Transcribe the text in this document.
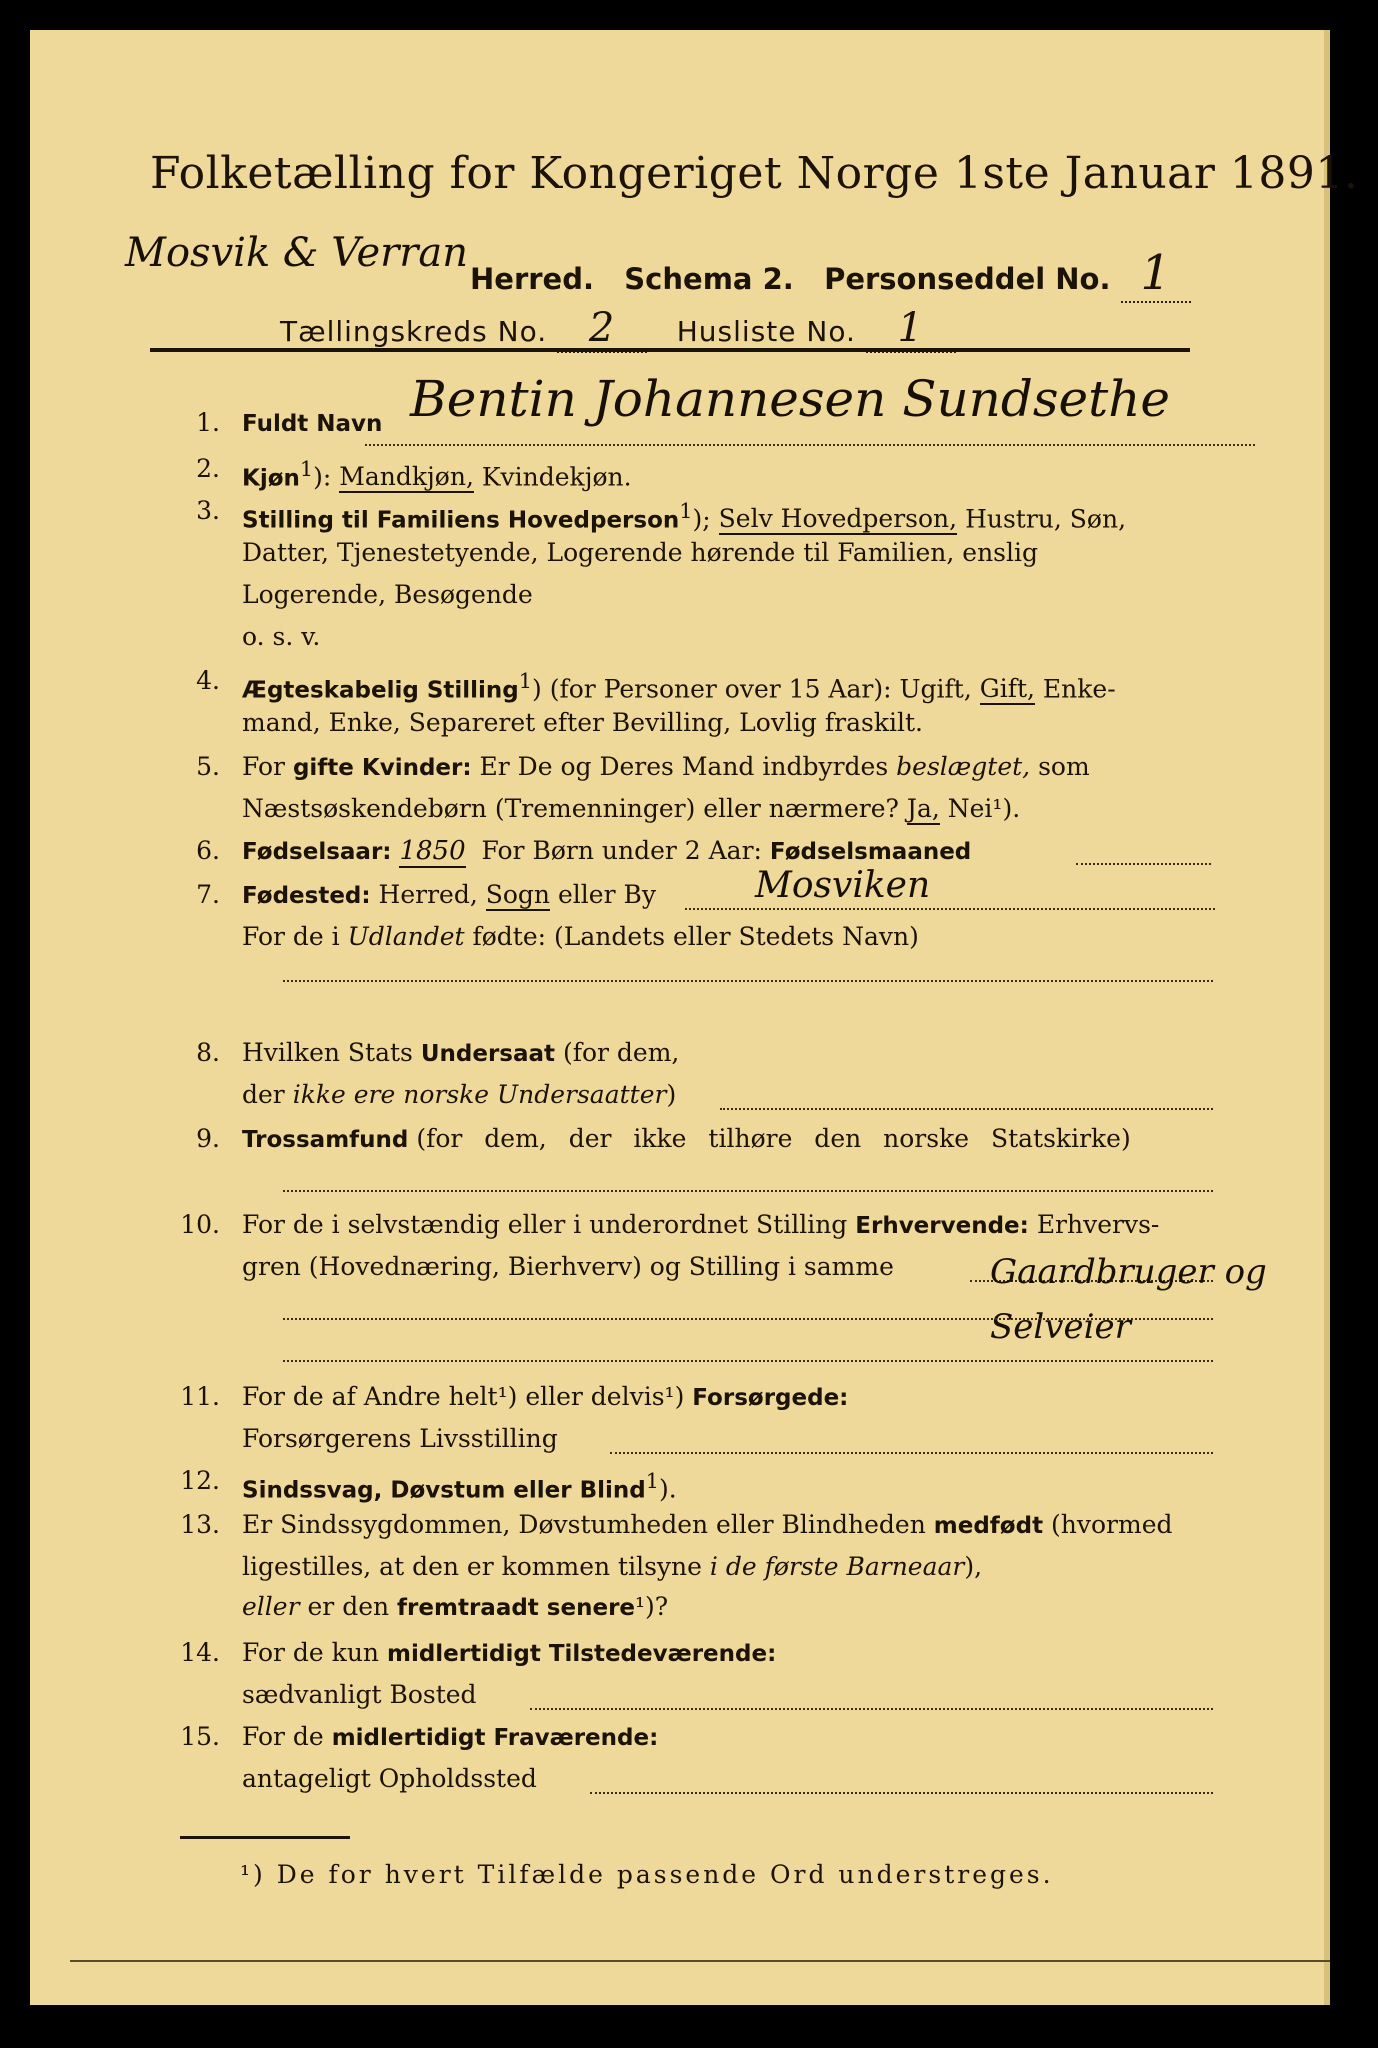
Folketælling for Kongeriget Norge 1ste Januar 1891.
Mosvik & Verran
Herred. Schema 2. Personseddel No. 1
Tællingskreds No. 2 Husliste No. 1
1. Fuldt Navn Bentin Johannesen Sundsethe
2. Kjøn$^1$): Mandkjøn, Kvindekjøn.
3. Stilling til Familiens Hovedperson$^1$); Selv Hovedperson, Hustru, Søn,
Datter, Tjenestetyende, Logerende hørende til Familien, enslig
Logerende, Besøgende
o. s. v.
4. Ægteskabelig Stilling$^1$) (for Personer over 15 Aar): Ugift, Gift, Enke-
mand, Enke, Separeret efter Bevilling, Lovlig fraskilt.
5. For gifte Kvinder: Er De og Deres Mand indbyrdes beslægtet, som
Næstsøskendebørn (Tremenninger) eller nærmere? Ja, Nei¹).
6. Fødselsaar: 1850 For Børn under 2 Aar: Fødselsmaaned
7. Fødested: Herred, Sogn eller By	Mosviken
For de i Udlandet fødte: (Landets eller Stedets Navn)
8. Hvilken Stats Undersaat (for dem,
der ikke ere norske Undersaatter)
9. Trossamfund (for dem, der ikke tilhøre den norske Statskirke)
10. For de i selvstændig eller i underordnet Stilling Erhvervende: Erhvervs-
gren (Hovednæring, Bierhverv) og Stilling i samme	Gaardbruger og Selveier
11. For de af Andre helt¹) eller delvis¹) Forsørgede:
Forsørgerens Livsstilling
12. Sindssvag, Døvstum eller Blind$^1$).
13. Er Sindssygdommen, Døvstumheden eller Blindheden medfødt (hvormed
ligestilles, at den er kommen tilsyne i de første Barneaar),
eller er den fremtraadt senere¹)?
14. For de kun midlertidigt Tilstedeværende:
sædvanligt Bosted
15. For de midlertidigt Fraværende:
antageligt Opholdssted
¹) De for hvert Tilfælde passende Ord understreges.
